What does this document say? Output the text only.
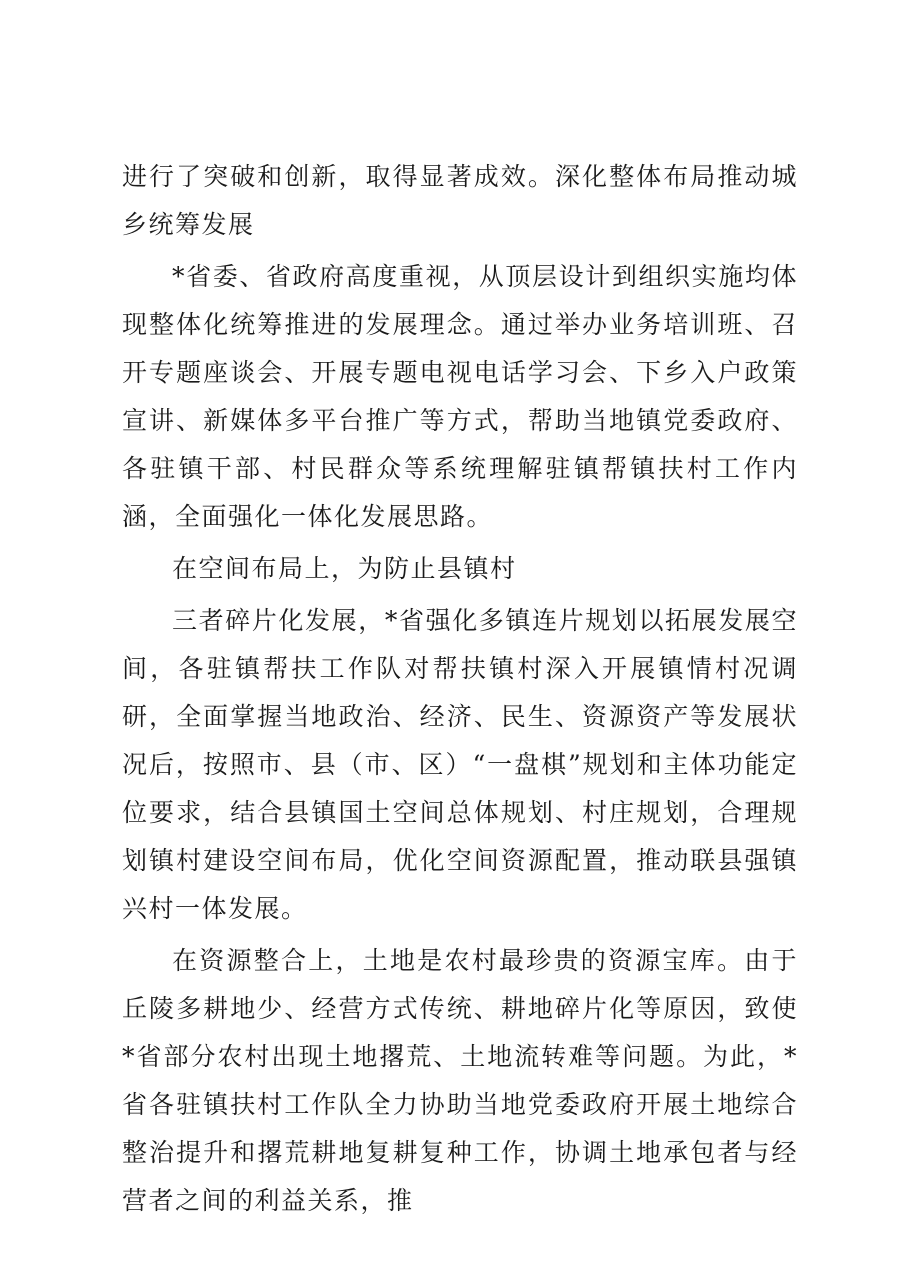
进行了突破和创新，取得显著成效。深化整体布局推动城乡统筹发展

*省委、省政府高度重视，从顶层设计到组织实施均体现整体化统筹推进的发展理念。通过举办业务培训班、召开专题座谈会、开展专题电视电话学习会、下乡入户政策宣讲、新媒体多平台推广等方式，帮助当地镇党委政府、各驻镇干部、村民群众等系统理解驻镇帮镇扶村工作内涵，全面强化一体化发展思路。

在空间布局上，为防止县镇村

三者碎片化发展，*省强化多镇连片规划以拓展发展空间，各驻镇帮扶工作队对帮扶镇村深入开展镇情村况调研，全面掌握当地政治、经济、民生、资源资产等发展状况后，按照市、县（市、区）“一盘棋”规划和主体功能定位要求，结合县镇国土空间总体规划、村庄规划，合理规划镇村建设空间布局，优化空间资源配置，推动联县强镇兴村一体发展。

在资源整合上，土地是农村最珍贵的资源宝库。由于丘陵多耕地少、经营方式传统、耕地碎片化等原因，致使*省部分农村出现土地撂荒、土地流转难等问题。为此，*省各驻镇扶村工作队全力协助当地党委政府开展土地综合整治提升和撂荒耕地复耕复种工作，协调土地承包者与经营者之间的利益关系，推
